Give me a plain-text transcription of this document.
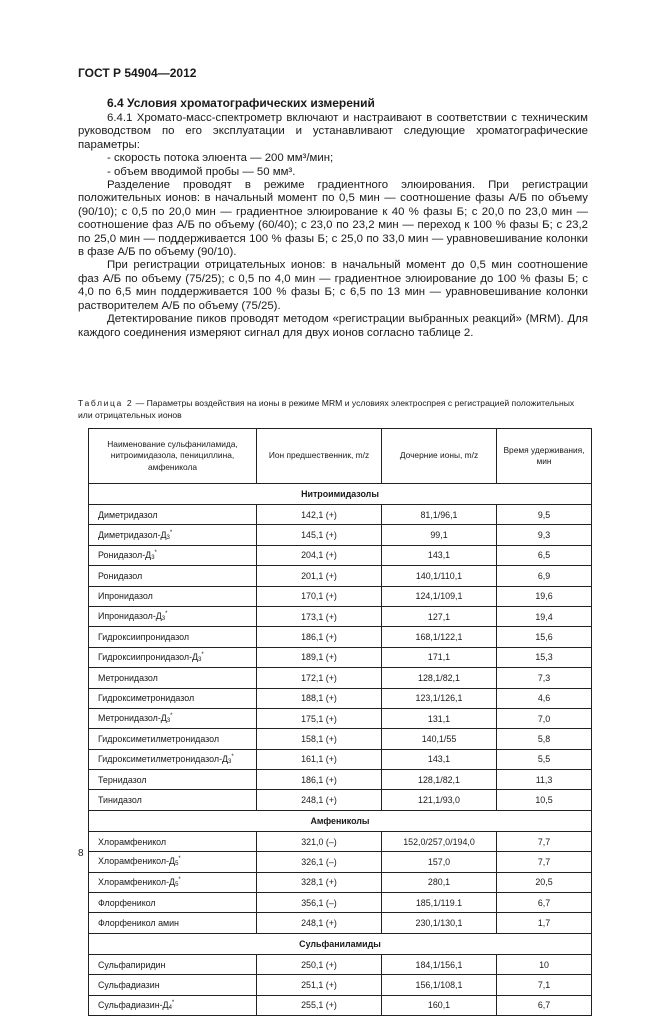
ГОСТ Р 54904—2012
6.4 Условия хроматографических измерений

6.4.1 Хромато-масс-спектрометр включают и настраивают в соответствии с техническим руководством по его эксплуатации и устанавливают следующие хроматографические параметры:

- скорость потока элюента — 200 мм³/мин;

- объем вводимой пробы — 50 мм³.

Разделение проводят в режиме градиентного элюирования. При регистрации положительных ионов: в начальный момент по 0,5 мин — соотношение фазы А/Б по объему (90/10); с 0,5 по 20,0 мин — градиентное элюирование к 40 % фазы Б; с 20,0 по 23,0 мин — соотношение фаз А/Б по объему (60/40); с 23,0 по 23,2 мин — переход к 100 % фазы Б; с 23,2 по 25,0 мин — поддерживается 100 % фазы Б; с 25,0 по 33,0 мин — уравновешивание колонки в фазе А/Б по объему (90/10).

При регистрации отрицательных ионов: в начальный момент до 0,5 мин соотношение фаз А/Б по объему (75/25); с 0,5 по 4,0 мин — градиентное элюирование до 100 % фазы Б; с 4,0 по 6,5 мин поддерживается 100 % фазы Б; с 6,5 по 13 мин — уравновешивание колонки растворителем А/Б по объему (75/25).

Детектирование пиков проводят методом «регистрации выбранных реакций» (MRM). Для каждого соединения измеряют сигнал для двух ионов согласно таблице 2.

Таблица 2 — Параметры воздействия на ионы в режиме MRM и условиях электроспрея с регистрацией положительных или отрицательных ионов
Наименование сульфаниламида, нитроимидазола, пенициллина, амфеникола	Ион предшественник, m/z	Дочерние ионы, m/z	Время удерживания, мин
Нитроимидазолы			
Диметридазол	142,1 (+)	81,1/96,1	9,5
Диметридазол-$Д_3^*$	145,1 (+)	99,1	9,3
Ронидазол-$Д_3^*$	204,1 (+)	143,1	6,5
Ронидазол	201,1 (+)	140,1/110,1	6,9
Ипронидазол	170,1 (+)	124,1/109,1	19,6
Ипронидазол-$Д_3^*$	173,1 (+)	127,1	19,4
Гидроксиипронидазол	186,1 (+)	168,1/122,1	15,6
Гидроксиипронидазол-$Д_3^*$	189,1 (+)	171,1	15,3
Метронидазол	172,1 (+)	128,1/82,1	7,3
Гидроксиметронидазол	188,1 (+)	123,1/126,1	4,6
Метронидазол-$Д_3^*$	175,1 (+)	131,1	7,0
Гидроксиметилметронидазол	158,1 (+)	140,1/55	5,8
Гидроксиметилметронидазол-$Д_3^*$	161,1 (+)	143,1	5,5
Тернидазол	186,1 (+)	128,1/82,1	11,3
Тинидазол	248,1 (+)	121,1/93,0	10,5
Амфениколы			
Хлорамфеникол	321,0 (–)	152,0/257,0/194,0	7,7
Хлорамфеникол-$Д_5^*$	326,1 (–)	157,0	7,7
Хлорамфеникол-$Д_5^*$	328,1 (+)	280,1	20,5
Флорфеникол	356,1 (–)	185,1/119.1	6,7
Флорфеникол амин	248,1 (+)	230,1/130,1	1,7
Сульфаниламиды			
Сульфапиридин	250,1 (+)	184,1/156,1	10
Сульфадиазин	251,1 (+)	156,1/108,1	7,1
Сульфадиазин-$Д_4^*$	255,1 (+)	160,1	6,7
8
